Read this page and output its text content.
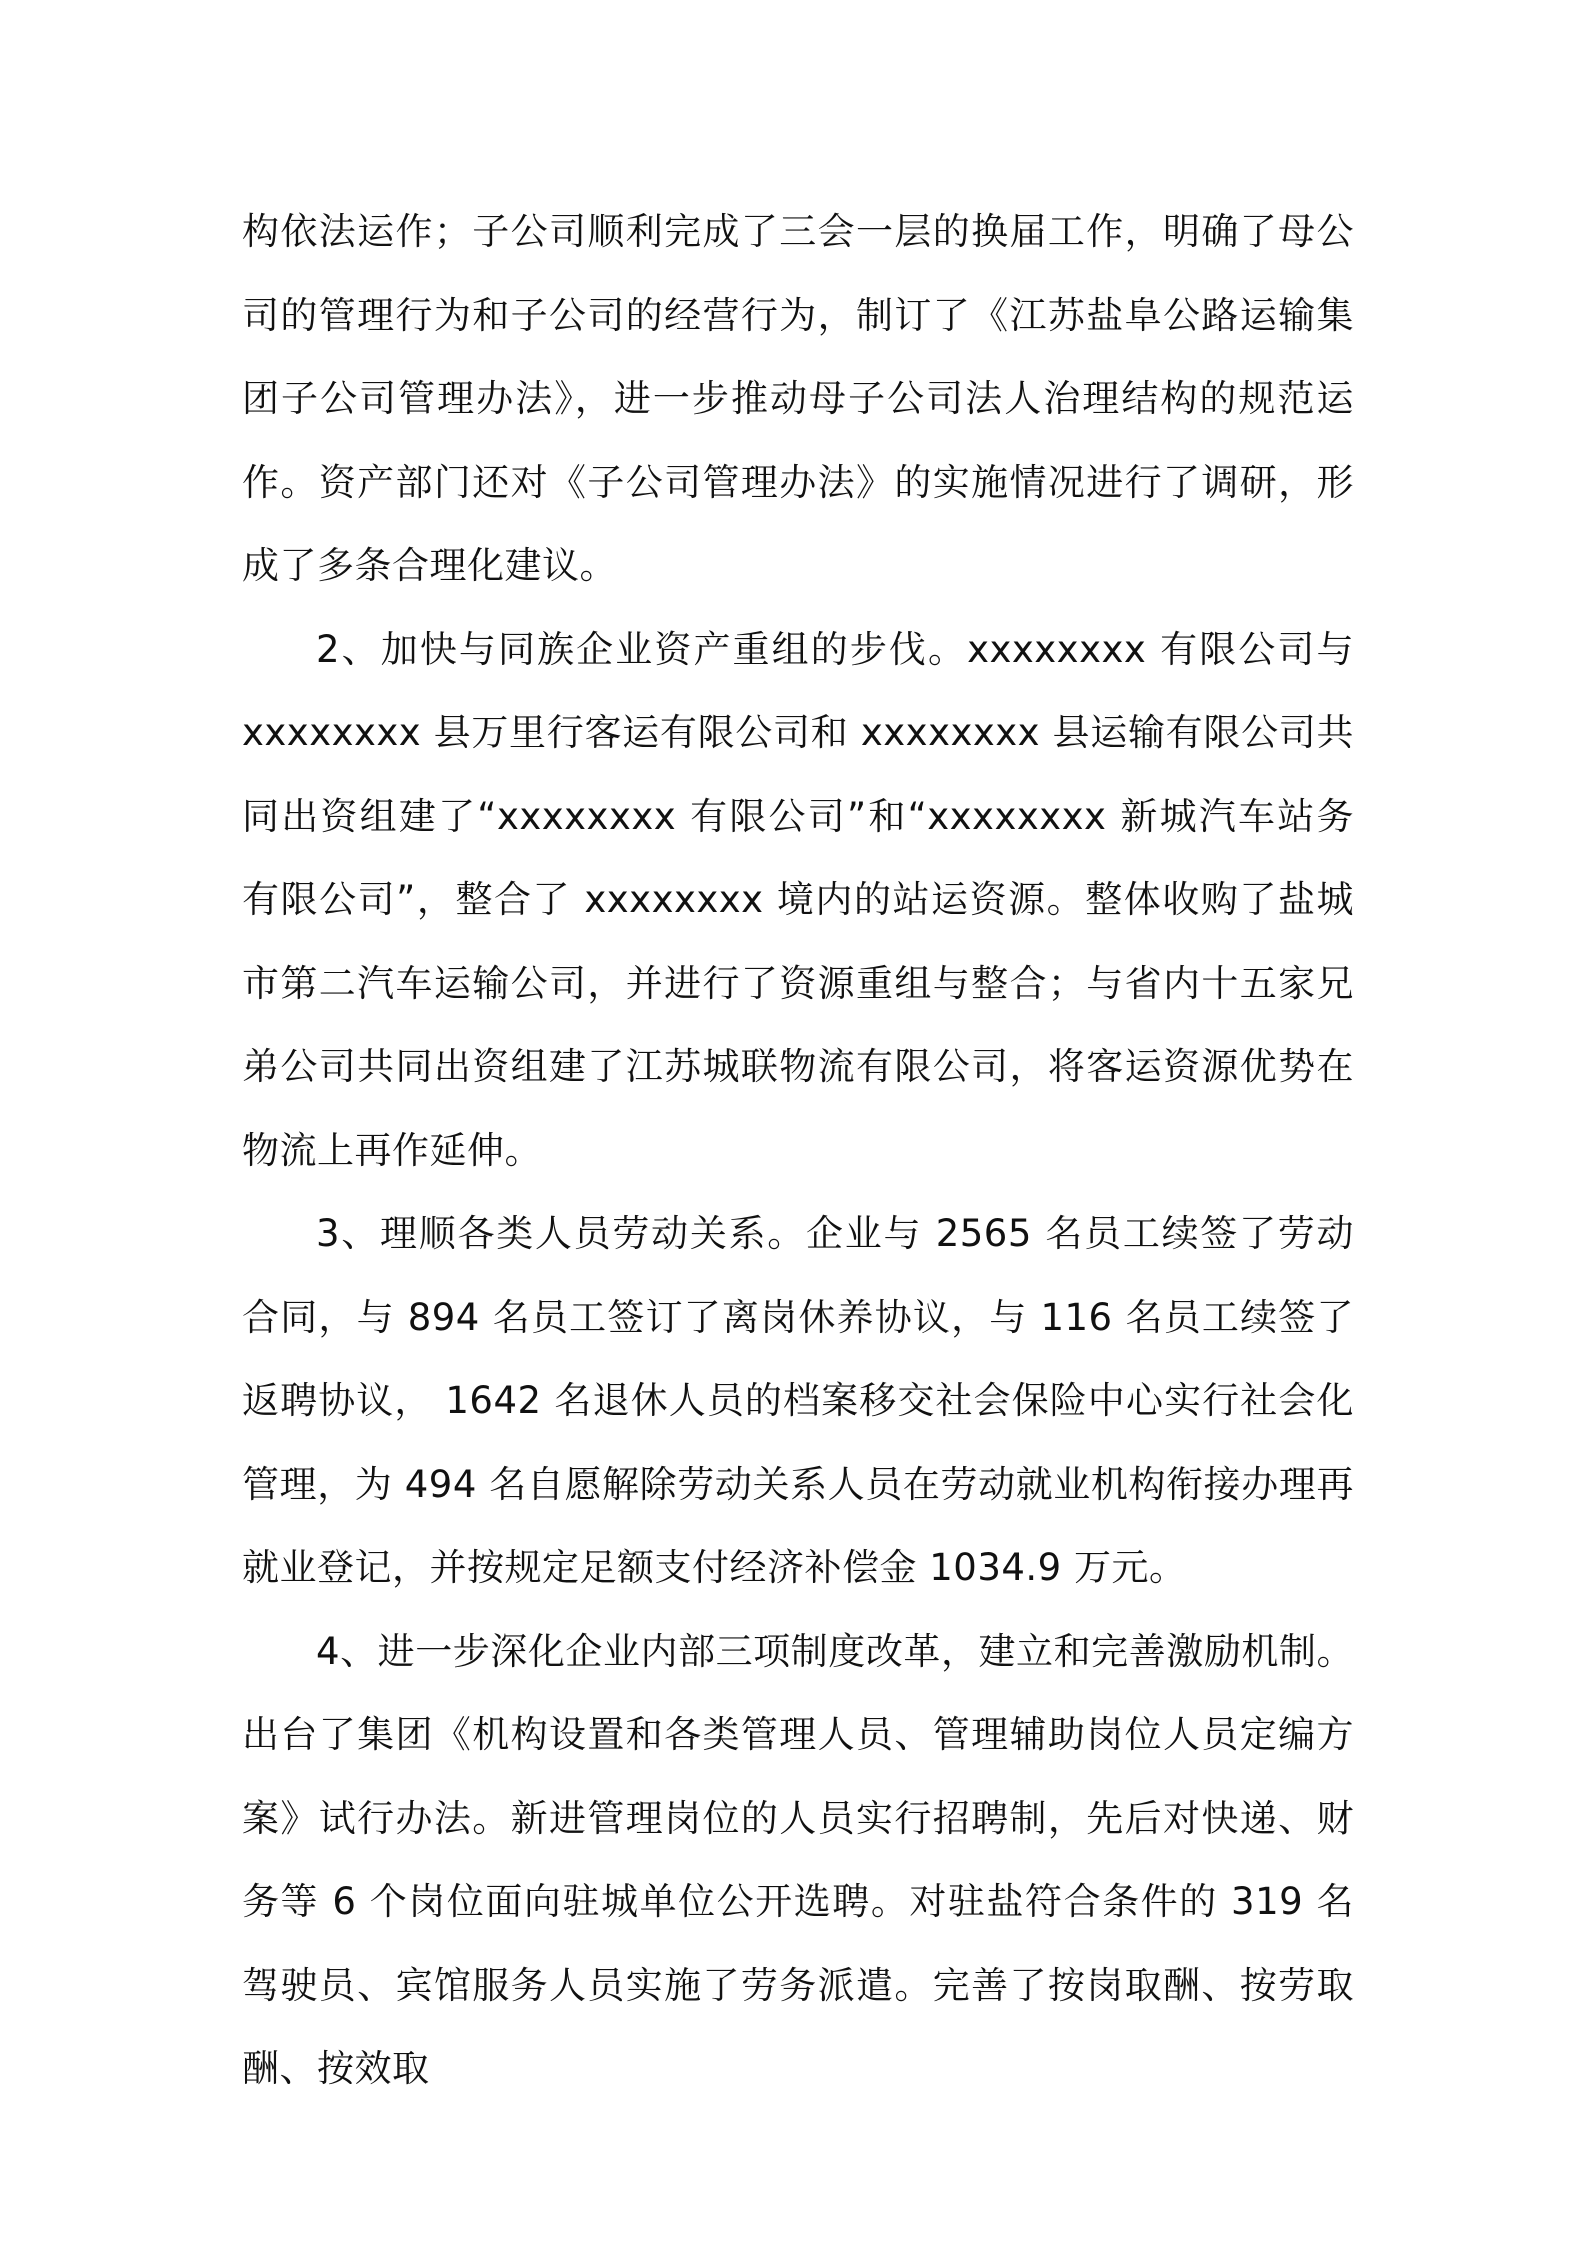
构依法运作；子公司顺利完成了三会一层的换届工作，明确了母公司的管理行为和子公司的经营行为，制订了《江苏盐阜公路运输集团子公司管理办法》，进一步推动母子公司法人治理结构的规范运作。资产部门还对《子公司管理办法》的实施情况进行了调研，形成了多条合理化建议。

2、加快与同族企业资产重组的步伐。xxxxxxxx 有限公司与 xxxxxxxx 县万里行客运有限公司和 xxxxxxxx 县运输有限公司共同出资组建了“xxxxxxxx 有限公司”和“xxxxxxxx 新城汽车站务有限公司”，整合了 xxxxxxxx 境内的站运资源。整体收购了盐城市第二汽车运输公司，并进行了资源重组与整合；与省内十五家兄弟公司共同出资组建了江苏城联物流有限公司，将客运资源优势在物流上再作延伸。

3、理顺各类人员劳动关系。企业与 2565 名员工续签了劳动合同，与 894 名员工签订了离岗休养协议，与 116 名员工续签了返聘协议， 1642 名退休人员的档案移交社会保险中心实行社会化管理，为 494 名自愿解除劳动关系人员在劳动就业机构衔接办理再就业登记，并按规定足额支付经济补偿金 1034.9 万元。

4、进一步深化企业内部三项制度改革，建立和完善激励机制。出台了集团《机构设置和各类管理人员、管理辅助岗位人员定编方案》试行办法。新进管理岗位的人员实行招聘制，先后对快递、财务等 6 个岗位面向驻城单位公开选聘。对驻盐符合条件的 319 名驾驶员、宾馆服务人员实施了劳务派遣。完善了按岗取酬、按劳取酬、按效取
